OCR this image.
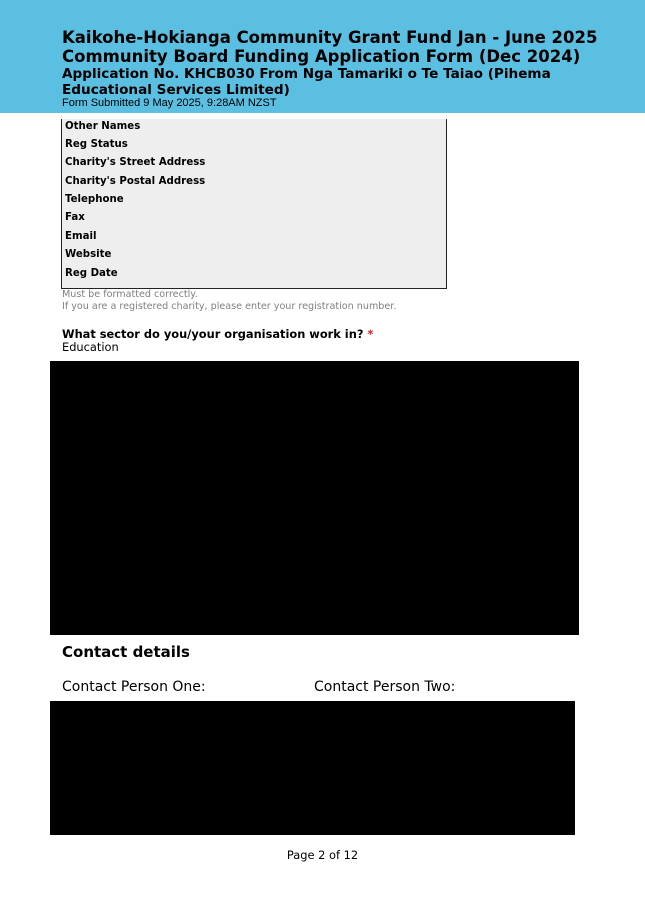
Kaikohe-Hokianga Community Grant Fund Jan - June 2025
Community Board Funding Application Form (Dec 2024)
Application No. KHCB030 From Nga Tamariki o Te Taiao (Pihema Educational Services Limited)
Form Submitted 9 May 2025, 9:28AM NZST
Other Names
Reg Status
Charity's Street Address
Charity's Postal Address
Telephone
Fax
Email
Website
Reg Date
Must be formatted correctly.
If you are a registered charity, please enter your registration number.
What sector do you/your organisation work in? *
Education
Contact details
Contact Person One:	Contact Person Two:
Page 2 of 12
